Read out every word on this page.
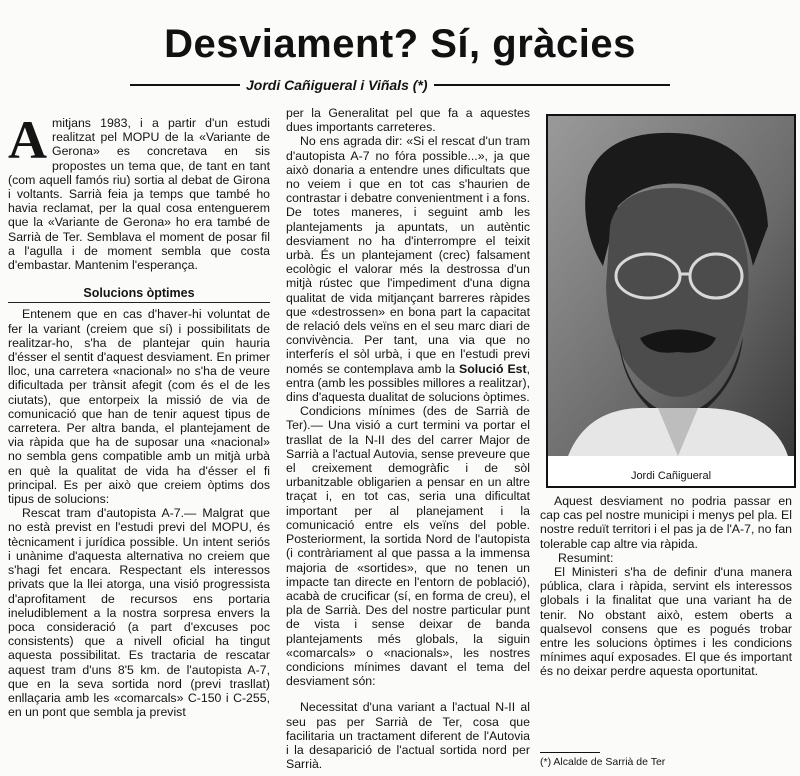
Desviament? Sí, gràcies
Jordi Cañigueral i Viñals (*)

Amitjans 1983, i a partir d'un estudi realitzat pel MOPU de la «Variante de Gerona» es concretava en sis propostes un tema que, de tant en tant (com aquell famós riu) sortia al debat de Girona i voltants. Sarrià feia ja temps que també ho havia reclamat, per la qual cosa entenguerem que la «Variante de Gerona» ho era també de Sarrià de Ter. Semblava el moment de posar fil a l'agulla i de moment sembla que costa d'embastar. Mantenim l'esperança.

Solucions òptimes

Entenem que en cas d'haver-hi voluntat de fer la variant (creiem que sí) i possibilitats de realitzar-ho, s'ha de plantejar quin hauria d'ésser el sentit d'aquest desviament. En primer lloc, una carretera «nacional» no s'ha de veure dificultada per trànsit afegit (com és el de les ciutats), que entorpeix la missió de via de comunicació que han de tenir aquest tipus de carretera. Per altra banda, el plantejament de via ràpida que ha de suposar una «nacional» no sembla gens compatible amb un mitjà urbà en què la qualitat de vida ha d'ésser el fi principal. Es per això que creiem òptims dos tipus de solucions:

Rescat tram d'autopista A-7.— Malgrat que no està previst en l'estudi previ del MOPU, és tècnicament i jurídica possible. Un intent seriós i unànime d'aquesta alternativa no creiem que s'hagi fet encara. Respectant els interessos privats que la llei atorga, una visió progressista d'aprofitament de recursos ens portaria ineludiblement a la nostra sorpresa envers la poca consideració (a part d'excuses poc consistents) que a nivell oficial ha tingut aquesta possibilitat. Es tractaria de rescatar aquest tram d'uns 8'5 km. de l'autopista A-7, que en la seva sortida nord (previ trasllat) enllaçaria amb les «comarcals» C-150 i C-255, en un pont que sembla ja previst

per la Generalitat pel que fa a aquestes dues importants carreteres.

No ens agrada dir: «Si el rescat d'un tram d'autopista A-7 no fóra possible...», ja que això donaria a entendre unes dificultats que no veiem i que en tot cas s'haurien de contrastar i debatre convenientment i a fons. De totes maneres, i seguint amb les plantejaments ja apuntats, un autèntic desviament no ha d'interrompre el teixit urbà. És un plantejament (crec) falsament ecològic el valorar més la destrossa d'un mitjà rústec que l'impediment d'una digna qualitat de vida mitjançant barreres ràpides que «destrossen» en bona part la capacitat de relació dels veïns en el seu marc diari de convivència. Per tant, una via que no interferís el sòl urbà, i que en l'estudi previ només se contemplava amb la Solució Est, entra (amb les possibles millores a realitzar), dins d'aquesta dualitat de solucions òptimes.

Condicions mínimes (des de Sarrià de Ter).— Una visió a curt termini va portar el trasllat de la N-II des del carrer Major de Sarrià a l'actual Autovia, sense preveure que el creixement demogràfic i de sòl urbanitzable obligarien a pensar en un altre traçat i, en tot cas, seria una dificultat important per al planejament i la comunicació entre els veïns del poble. Posteriorment, la sortida Nord de l'autopista (i contràriament al que passa a la immensa majoria de «sortides», que no tenen un impacte tan directe en l'entorn de població), acabà de crucificar (sí, en forma de creu), el pla de Sarrià. Des del nostre particular punt de vista i sense deixar de banda plantejaments més globals, la siguin «comarcals» o «nacionals», les nostres condicions mínimes davant el tema del desviament són:

Necessitat d'una variant a l'actual N-II al seu pas per Sarrià de Ter, cosa que facilitaria un tractament diferent de l'Autovia i la desaparició de l'actual sortida nord per Sarrià.

Jordi Cañigueral

Aquest desviament no podria passar en cap cas pel nostre municipi i menys pel pla. El nostre reduït territori i el pas ja de l'A-7, no fan tolerable cap altre via ràpida.

Resumint:

El Ministeri s'ha de definir d'una manera pública, clara i ràpida, servint els interessos globals i la finalitat que una variant ha de tenir. No obstant això, estem oberts a qualsevol consens que es pogués trobar entre les solucions òptimes i les condicions mínimes aquí exposades. El que és important és no deixar perdre aquesta oportunitat.

(*) Alcalde de Sarrià de Ter
